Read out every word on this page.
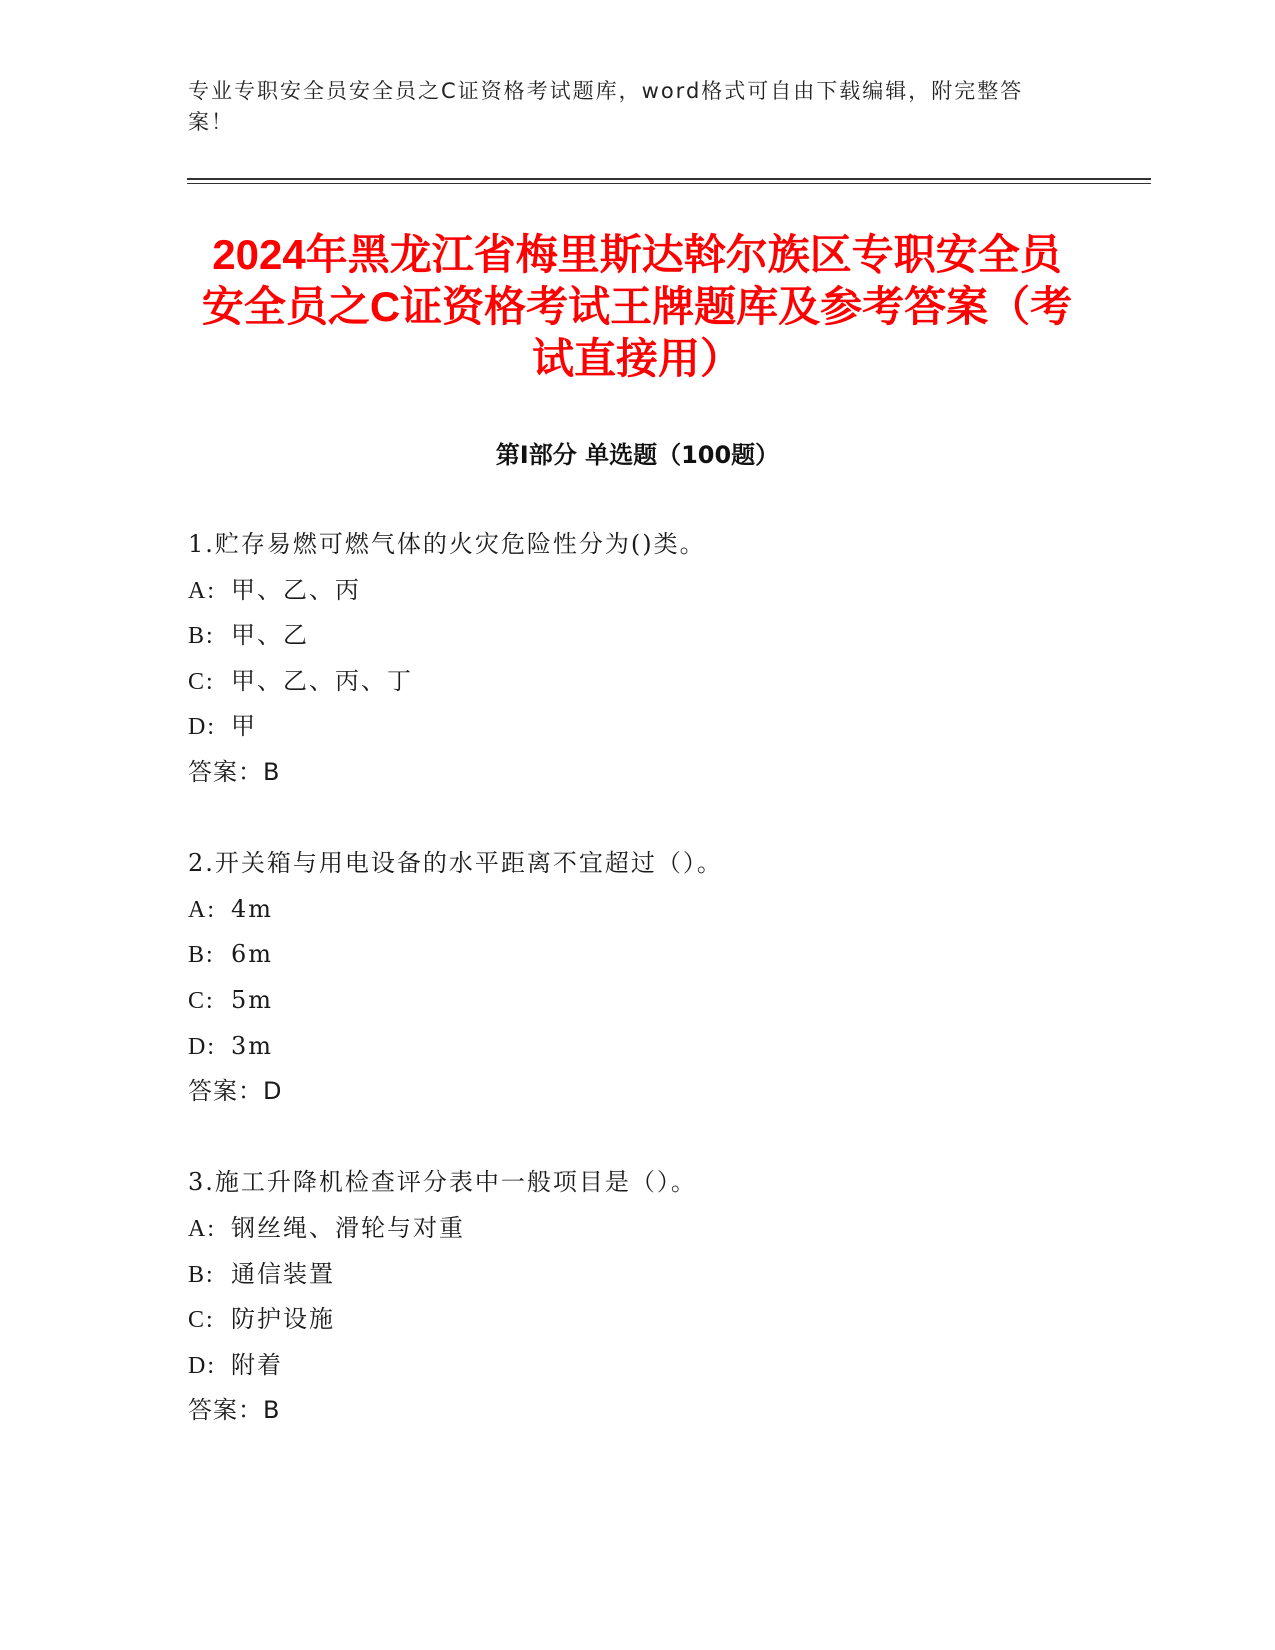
专业专职安全员安全员之C证资格考试题库，word格式可自由下载编辑，附完整答案！
2024年黑龙江省梅里斯达斡尔族区专职安全员安全员之C证资格考试王牌题库及参考答案（考试直接用）
第I部分 单选题（100题）
1.贮存易燃可燃气体的火灾危险性分为()类。
A: 甲、乙、丙
B: 甲、乙
C: 甲、乙、丙、丁
D: 甲
答案：B
2.开关箱与用电设备的水平距离不宜超过（）。
A: 4m
B: 6m
C: 5m
D: 3m
答案：D
3.施工升降机检查评分表中一般项目是（）。
A: 钢丝绳、滑轮与对重
B: 通信装置
C: 防护设施
D: 附着
答案：B
